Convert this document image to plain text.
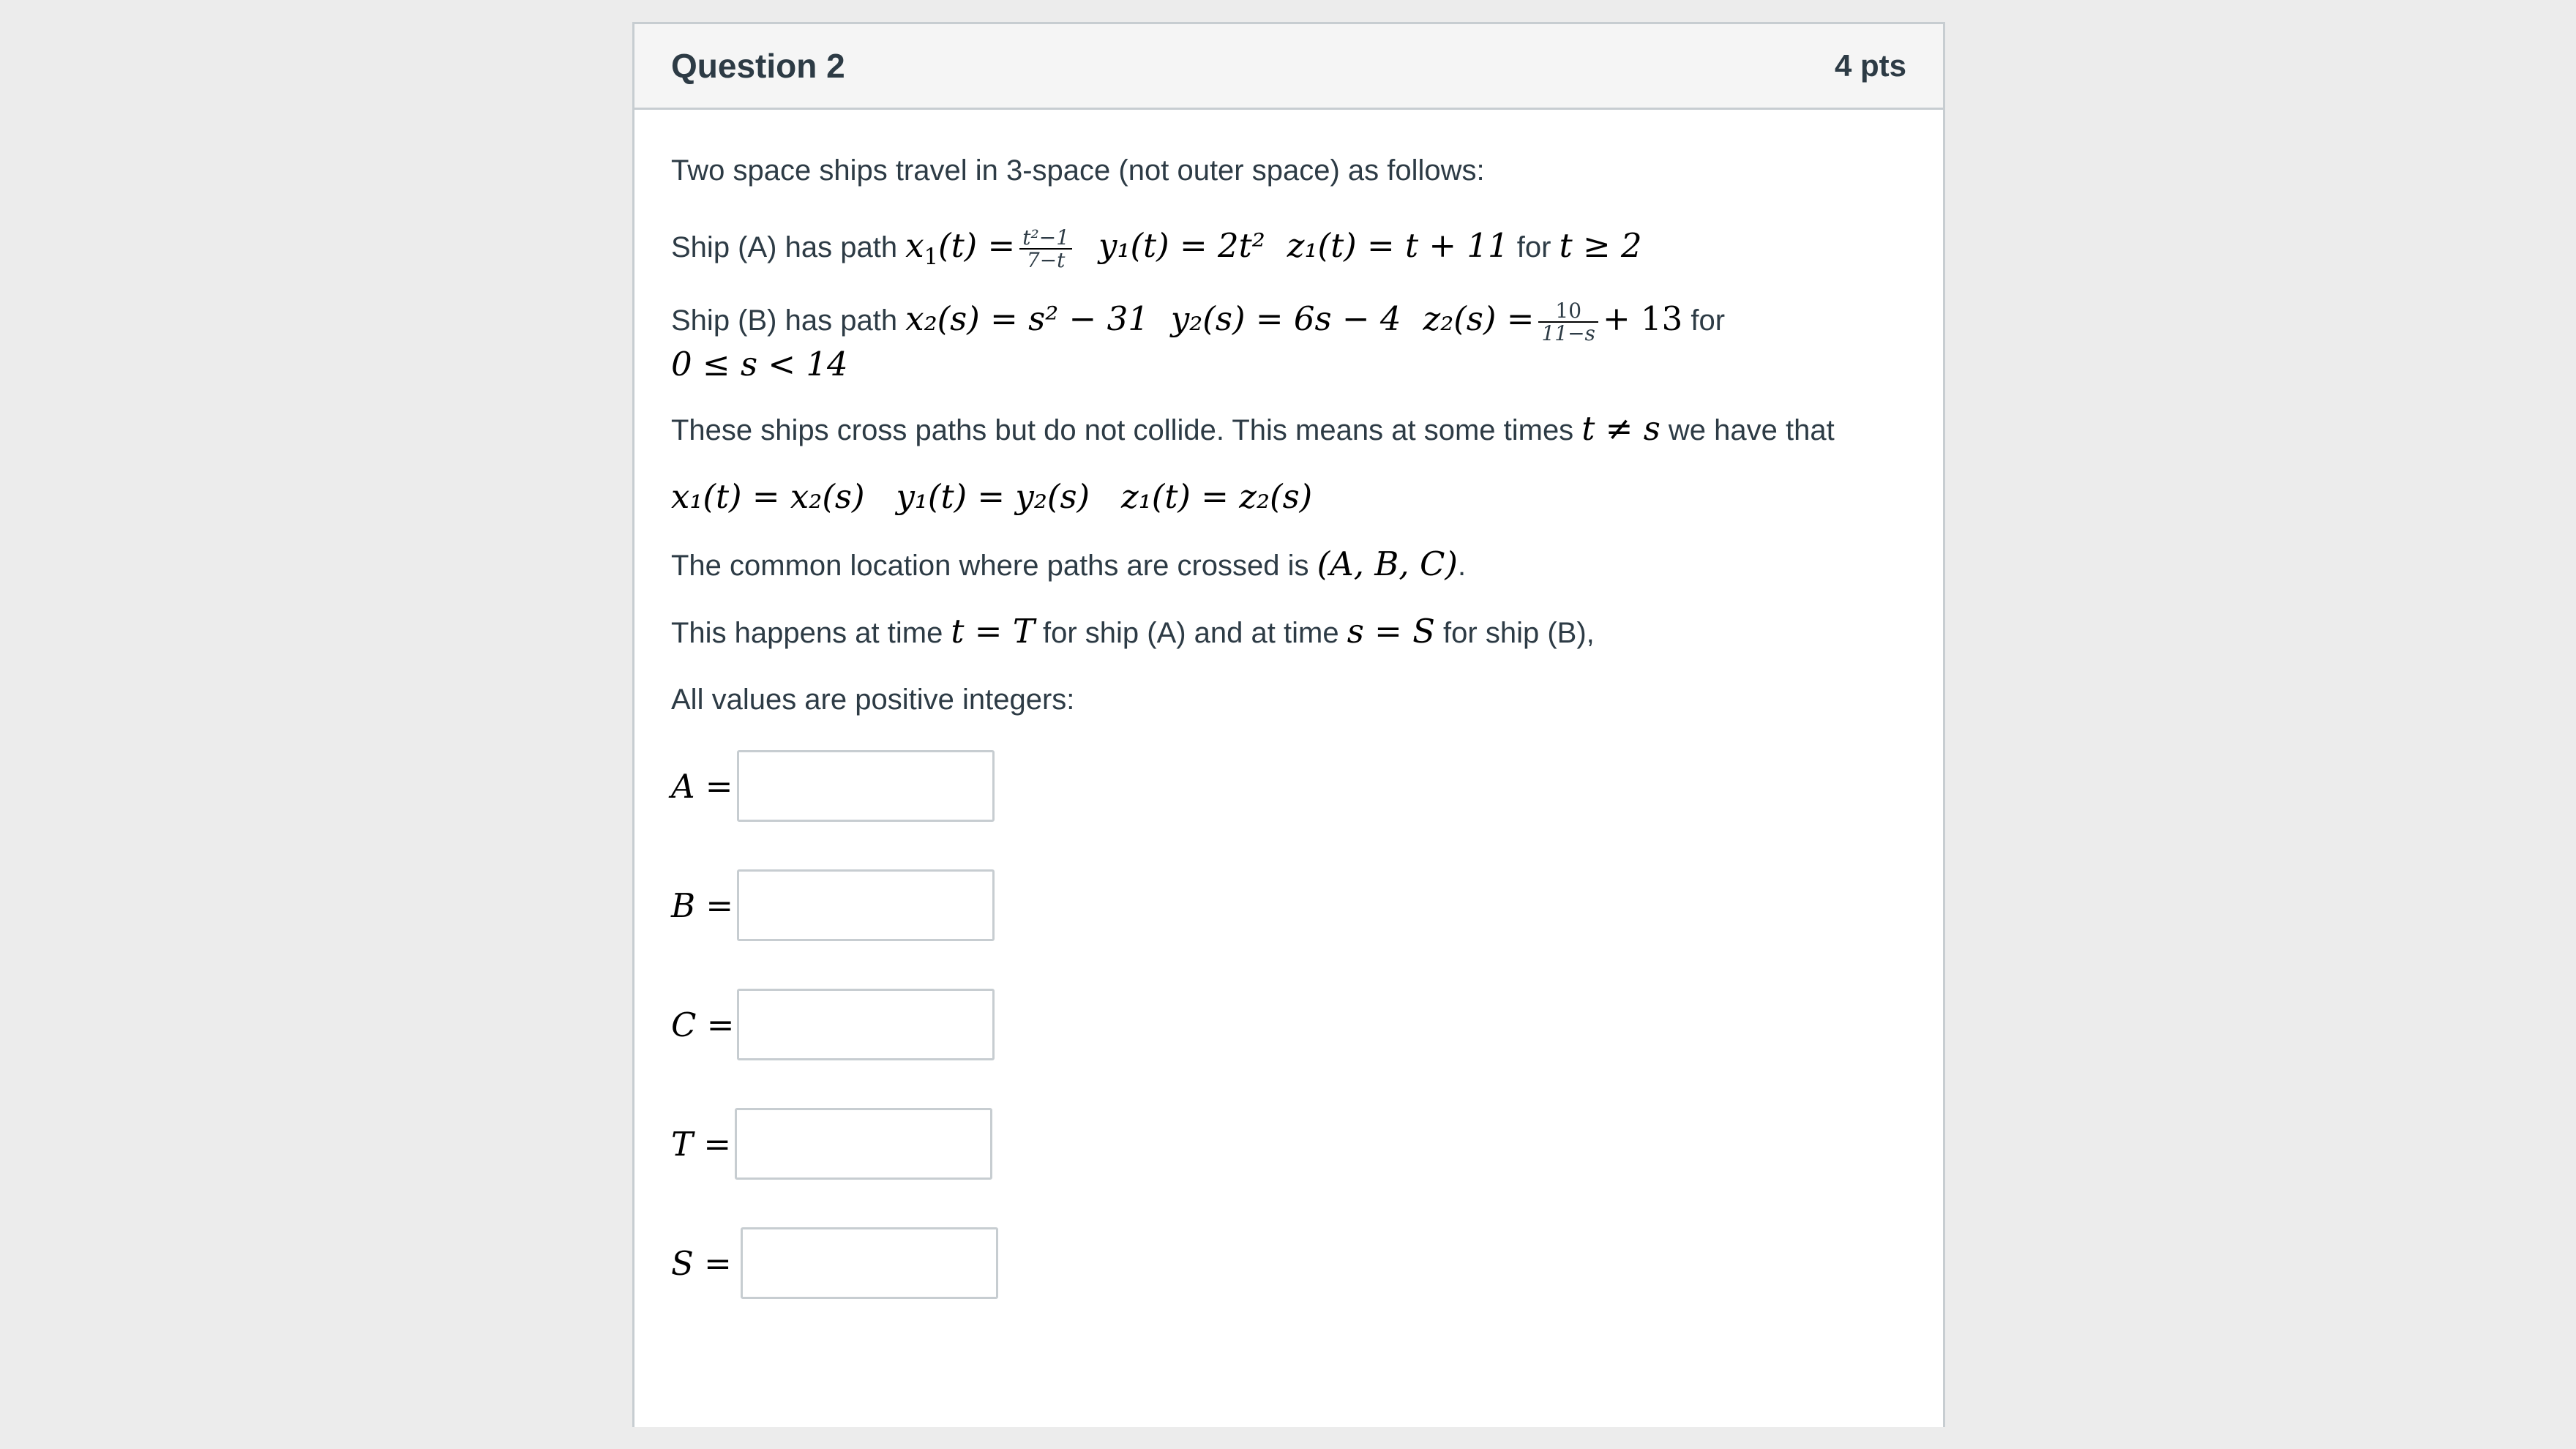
Question 2	4 pts

Two space ships travel in 3-space (not outer space) as follows:

Ship (A) has path $x_1(t) = \frac{\text{t²−1}}{7-t} y_1(t) = 2t^2$ z₁(t) = t + 11 for t ≥ 2

Ship (B) has path x₂(s) = s² − 31 y₂(s) = 6s − 4 $z_2(s) = \frac{10}{11-s} + 13$ for

0 ≤ s < 14

These ships cross paths but do not collide. This means at some times t ≠ s we have that

x₁(t) = x₂(s)   y₁(t) = y₂(s)   z₁(t) = z₂(s)

The common location where paths are crossed is (A, B, C).

This happens at time t = T for ship (A) and at time s = S for ship (B),

All values are positive integers:

A =
B =
C =
T =
S =
